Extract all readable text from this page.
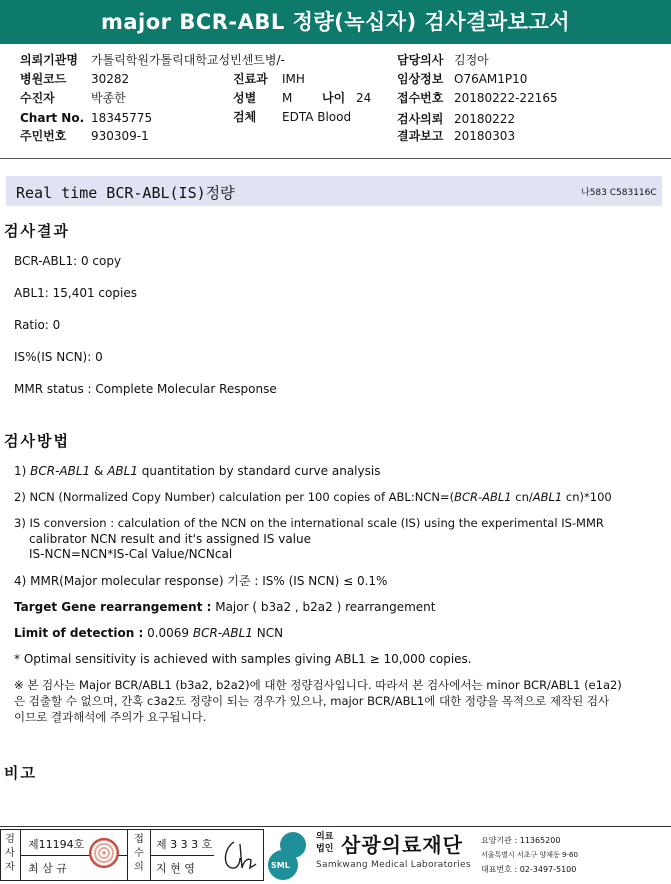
major BCR-ABL 정량(녹십자) 검사결과보고서
의뢰기관명 가톨릭학원가톨릭대학교성빈센트병/-
병원코드 30282
수진자	박종한
Chart No. 18345775
주민번호 930309-1
진료과 IMH
성별 M 나이 24
검체 EDTA Blood
담당의사 김정아
임상정보 O76AM1P10
접수번호 20180222-22165
검사의뢰 20180222
결과보고 20180303
Real time BCR-ABL(IS)정량	나583 C583116C
검사결과
BCR-ABL1: 0 copy
ABL1: 15,401 copies
Ratio: 0
IS%(IS NCN): 0
MMR status : Complete Molecular Response
검사방법
1) BCR-ABL1 & ABL1 quantitation by standard curve analysis
2) NCN (Normalized Copy Number) calculation per 100 copies of ABL:NCN=(BCR-ABL1 cn/ABL1 cn)*100
3) IS conversion : calculation of the NCN on the international scale (IS) using the experimental IS-MMR
calibrator NCN result and it's assigned IS value
IS-NCN=NCN*IS-Cal Value/NCNcal
4) MMR(Major molecular response) 기준 : IS% (IS NCN) ≤ 0.1%
Target Gene rearrangement : Major ( b3a2 , b2a2 ) rearrangement
Limit of detection : 0.0069 BCR-ABL1 NCN
* Optimal sensitivity is achieved with samples giving ABL1 ≥ 10,000 copies.
※ 본 검사는 Major BCR/ABL1 (b3a2, b2a2)에 대한 정량검사입니다. 따라서 본 검사에서는 minor BCR/ABL1 (e1a2)
은 검출할 수 없으며, 간혹 c3a2도 정량이 되는 경우가 있으나, major BCR/ABL1에 대한 정량을 목적으로 제작된 검사
이므로 결과해석에 주의가 요구됩니다.
비고
검사자
제11194호
최 삼 규
접수의
제 3 3 3 호
지 현 영	SML
의료
법인 삼광의료재단
Samkwang Medical Laboratories
요양기관 : 11365200
서울특별시 서초구 양재동 9-60
대표번호 : 02-3497-5100
